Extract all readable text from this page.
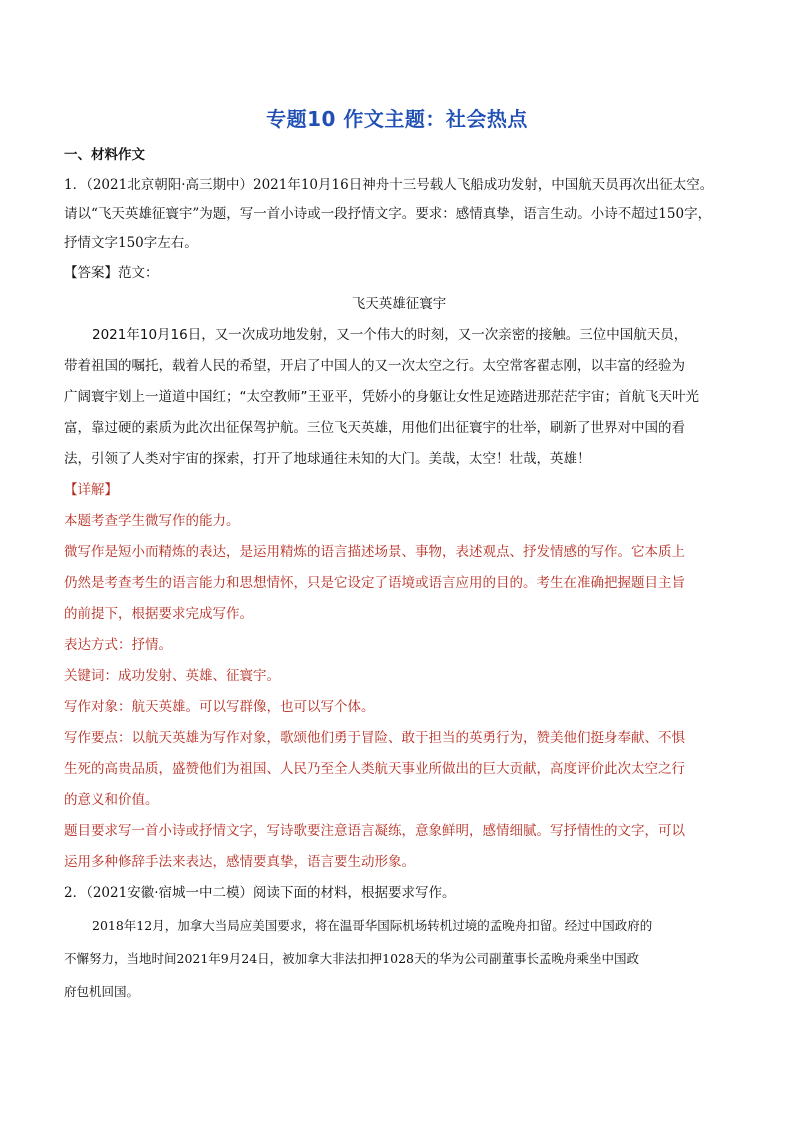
专题10 作文主题：社会热点

一、材料作文

1．（2021北京朝阳·高三期中）2021年10月16日神舟十三号载人飞船成功发射，中国航天员再次出征太空。

请以“飞天英雄征寰宇”为题，写一首小诗或一段抒情文字。要求：感情真挚，语言生动。小诗不超过150字，

抒情文字150字左右。

【答案】范文：

飞天英雄征寰宇

2021年10月16日，又一次成功地发射，又一个伟大的时刻，又一次亲密的接触。三位中国航天员，

带着祖国的嘱托，载着人民的希望，开启了中国人的又一次太空之行。太空常客翟志刚，以丰富的经验为

广阔寰宇划上一道道中国红；“太空教师”王亚平，凭娇小的身躯让女性足迹踏进那茫茫宇宙；首航飞天叶光

富，靠过硬的素质为此次出征保驾护航。三位飞天英雄，用他们出征寰宇的壮举，刷新了世界对中国的看

法，引领了人类对宇宙的探索，打开了地球通往未知的大门。美哉，太空！壮哉，英雄！

【详解】

本题考查学生微写作的能力。

微写作是短小而精炼的表达，是运用精炼的语言描述场景、事物，表述观点、抒发情感的写作。它本质上

仍然是考查考生的语言能力和思想情怀，只是它设定了语境或语言应用的目的。考生在准确把握题目主旨

的前提下，根据要求完成写作。

表达方式：抒情。

关键词：成功发射、英雄、征寰宇。

写作对象：航天英雄。可以写群像，也可以写个体。

写作要点：以航天英雄为写作对象，歌颂他们勇于冒险、敢于担当的英勇行为，赞美他们挺身奉献、不惧

生死的高贵品质，盛赞他们为祖国、人民乃至全人类航天事业所做出的巨大贡献，高度评价此次太空之行

的意义和价值。

题目要求写一首小诗或抒情文字，写诗歌要注意语言凝练，意象鲜明，感情细腻。写抒情性的文字，可以

运用多种修辞手法来表达，感情要真挚，语言要生动形象。

2．（2021安徽·宿城一中二模）阅读下面的材料，根据要求写作。

2018年12月，加拿大当局应美国要求，将在温哥华国际机场转机过境的孟晚舟扣留。经过中国政府的

不懈努力，当地时间2021年9月24日，被加拿大非法扣押1028天的华为公司副董事长孟晚舟乘坐中国政

府包机回国。
